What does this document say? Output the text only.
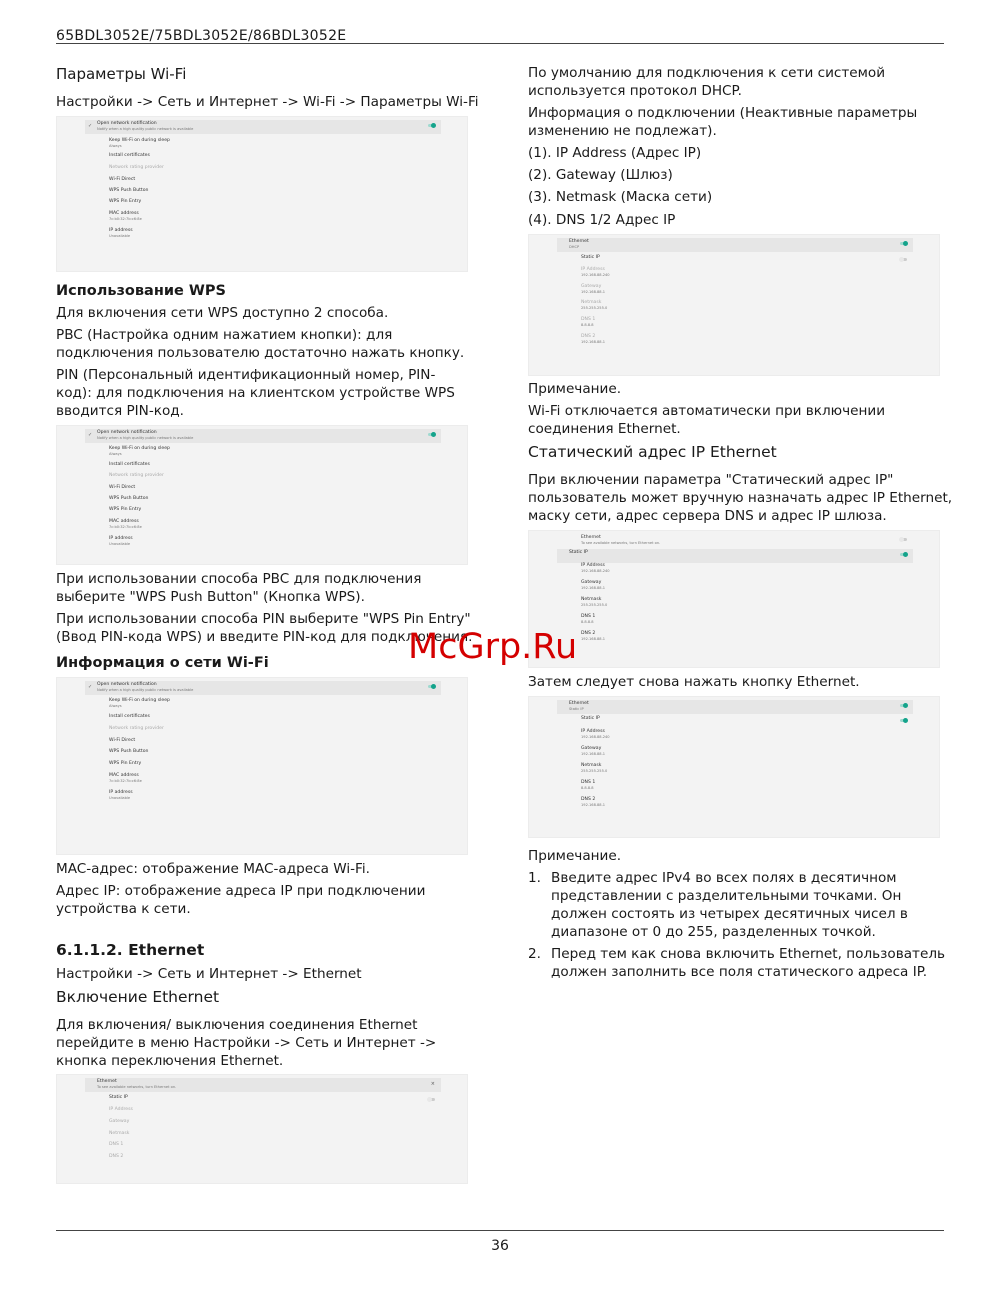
65BDL3052E/75BDL3052E/86BDL3052E
Параметры Wi-Fi
Настройки -> Сеть и Интернет -> Wi-Fi -> Параметры Wi-Fi
✓ Open network notification
Notify when a high quality public network is available
Keep Wi-Fi on during sleep
Always
Install certificates
Network rating provider
Wi-Fi Direct
WPS Push Button
WPS Pin Entry
MAC address
7c:b0:32:7b:c6:8e
IP address
Unavailable
Использование WPS
Для включения сети WPS доступно 2 способа.
PBC (Настройка одним нажатием кнопки): для
подключения пользователю достаточно нажать кнопку.
PIN (Персональный идентификационный номер, PIN-
код): для подключения на клиентском устройстве WPS
вводится PIN-код.
✓ Open network notification
Notify when a high quality public network is available
Keep Wi-Fi on during sleep
Always
Install certificates
Network rating provider
Wi-Fi Direct
WPS Push Button
WPS Pin Entry
MAC address
7c:b0:32:7b:c6:8e
IP address
Unavailable
При использовании способа PBC для подключения
выберите "WPS Push Button" (Кнопка WPS).
При использовании способа PIN выберите "WPS Pin Entry"
(Ввод PIN-кода WPS) и введите PIN-код для подключения.
Информация о сети Wi-Fi
✓ Open network notification
Notify when a high quality public network is available
Keep Wi-Fi on during sleep
Always
Install certificates
Network rating provider
Wi-Fi Direct
WPS Push Button
WPS Pin Entry
MAC address
7c:b0:32:7b:c6:8e
IP address
Unavailable
MAC-адрес: отображение MAC-адреса Wi-Fi.
Адрес IP: отображение адреса IP при подключении
устройства к сети.
6.1.1.2. Ethernet
Настройки -> Сеть и Интернет -> Ethernet
Включение Ethernet
Для включения/ выключения соединения Ethernet
перейдите в меню Настройки -> Сеть и Интернет ->
кнопка переключения Ethernet.
Ethernet
To see available networks, turn Ethernet on.	×
Static IP
IP Address
Gateway
Netmask
DNS 1
DNS 2
По умолчанию для подключения к сети системой
используется протокол DHCP.
Информация о подключении (Неактивные параметры
изменению не подлежат).
(1). IP Address (Адрес IP)
(2). Gateway (Шлюз)
(3). Netmask (Маска сети)
(4). DNS 1/2 Адрес IP
Ethernet
DHCP
Static IP
IP Address
192.168.88.240
Gateway
192.168.88.1
Netmask
255.255.255.0
DNS 1
8.8.8.8
DNS 2
192.168.88.1
Примечание.
Wi-Fi отключается автоматически при включении
соединения Ethernet.
Статический адрес IP Ethernet
При включении параметра "Статический адрес IP"
пользователь может вручную назначать адрес IP Ethernet,
маску сети, адрес сервера DNS и адрес IP шлюза.
Ethernet
To see available networks, turn Ethernet on.
Static IP
IP Address
192.168.88.240
Gateway
192.168.88.1
Netmask
255.255.255.0
DNS 1
8.8.8.8
DNS 2
192.168.88.1
Затем следует снова нажать кнопку Ethernet.
Ethernet
Static IP
Static IP
IP Address
192.168.88.240
Gateway
192.168.88.1
Netmask
255.255.255.0
DNS 1
8.8.8.8
DNS 2
192.168.88.1
Примечание.
1. Введите адрес IPv4 во всех полях в десятичном
представлении с разделительными точками. Он
должен состоять из четырех десятичных чисел в
диапазоне от 0 до 255, разделенных точкой.
2. Перед тем как снова включить Ethernet, пользователь
должен заполнить все поля статического адреса IP.
McGrp.Ru
36
